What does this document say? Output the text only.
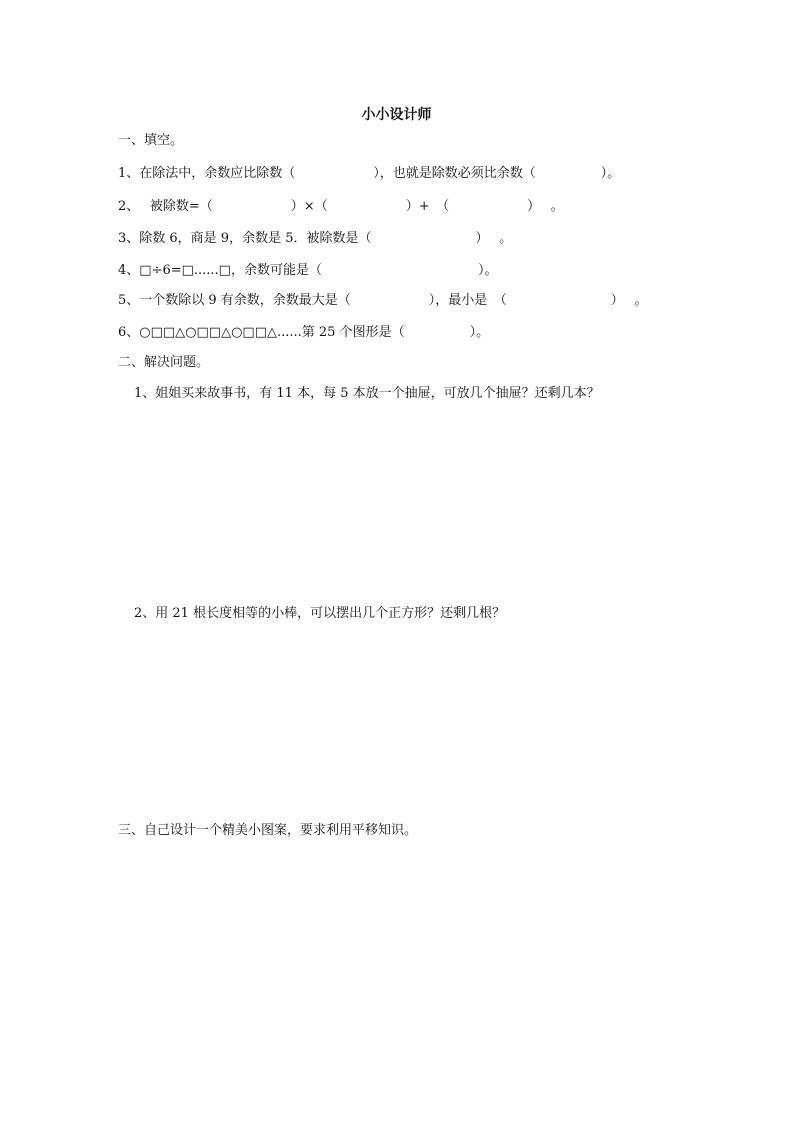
小小设计师
一、填空。
1、在除法中，余数应比除数（　　　　　　），也就是除数必须比余数（　　　　　）。
2、　 被除数=（　　　　　　）×（　　　　　　）+　（　　　　　　）　 。
3、除数 6，商是 9，余数是 5．被除数是（　　　　　　　　）　 。
4、□÷6=□......□，余数可能是（　　　　　　　　　　　　）。
5、一个数除以 9 有余数，余数最大是（　　　　　　），最小是　（　　　　　　　　）　 。
6、○□□△○□□△○□□△......第 25 个图形是（　　　　　）。
二、解决问题。
1、姐姐买来故事书，有 11 本，每 5 本放一个抽屉，可放几个抽屉？还剩几本？
2、用 21 根长度相等的小棒，可以摆出几个正方形？还剩几根？
三、自己设计一个精美小图案，要求利用平移知识。
